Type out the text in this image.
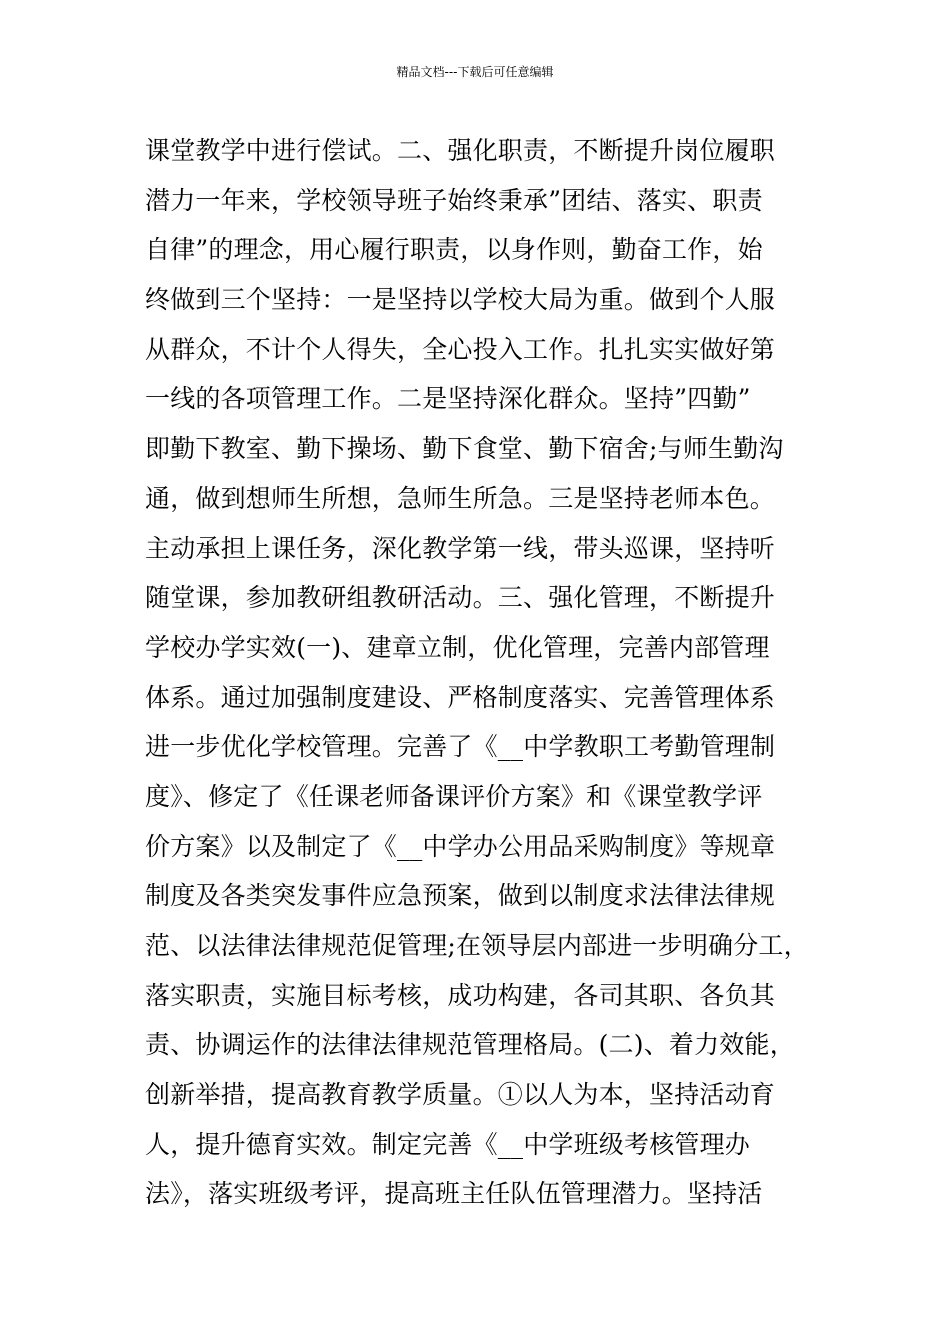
精品文档---下载后可任意编辑
课堂教学中进行偿试。二、强化职责，不断提升岗位履职
潜力一年来，学校领导班子始终秉承”团结、落实、职责
自律”的理念，用心履行职责，以身作则，勤奋工作，始
终做到三个坚持：一是坚持以学校大局为重。做到个人服
从群众，不计个人得失，全心投入工作。扎扎实实做好第
一线的各项管理工作。二是坚持深化群众。坚持”四勤”
即勤下教室、勤下操场、勤下食堂、勤下宿舍;与师生勤沟
通，做到想师生所想，急师生所急。三是坚持老师本色。
主动承担上课任务，深化教学第一线，带头巡课，坚持听
随堂课，参加教研组教研活动。三、强化管理，不断提升
学校办学实效(一)、建章立制，优化管理，完善内部管理
体系。通过加强制度建设、严格制度落实、完善管理体系
进一步优化学校管理。完善了《__中学教职工考勤管理制
度》、修定了《任课老师备课评价方案》和《课堂教学评
价方案》以及制定了《__中学办公用品采购制度》等规章
制度及各类突发事件应急预案，做到以制度求法律法律规
范、以法律法律规范促管理;在领导层内部进一步明确分工，
落实职责，实施目标考核，成功构建，各司其职、各负其
责、协调运作的法律法律规范管理格局。(二)、着力效能，
创新举措，提高教育教学质量。①以人为本，坚持活动育
人，提升德育实效。制定完善《__中学班级考核管理办
法》，落实班级考评，提高班主任队伍管理潜力。坚持活
